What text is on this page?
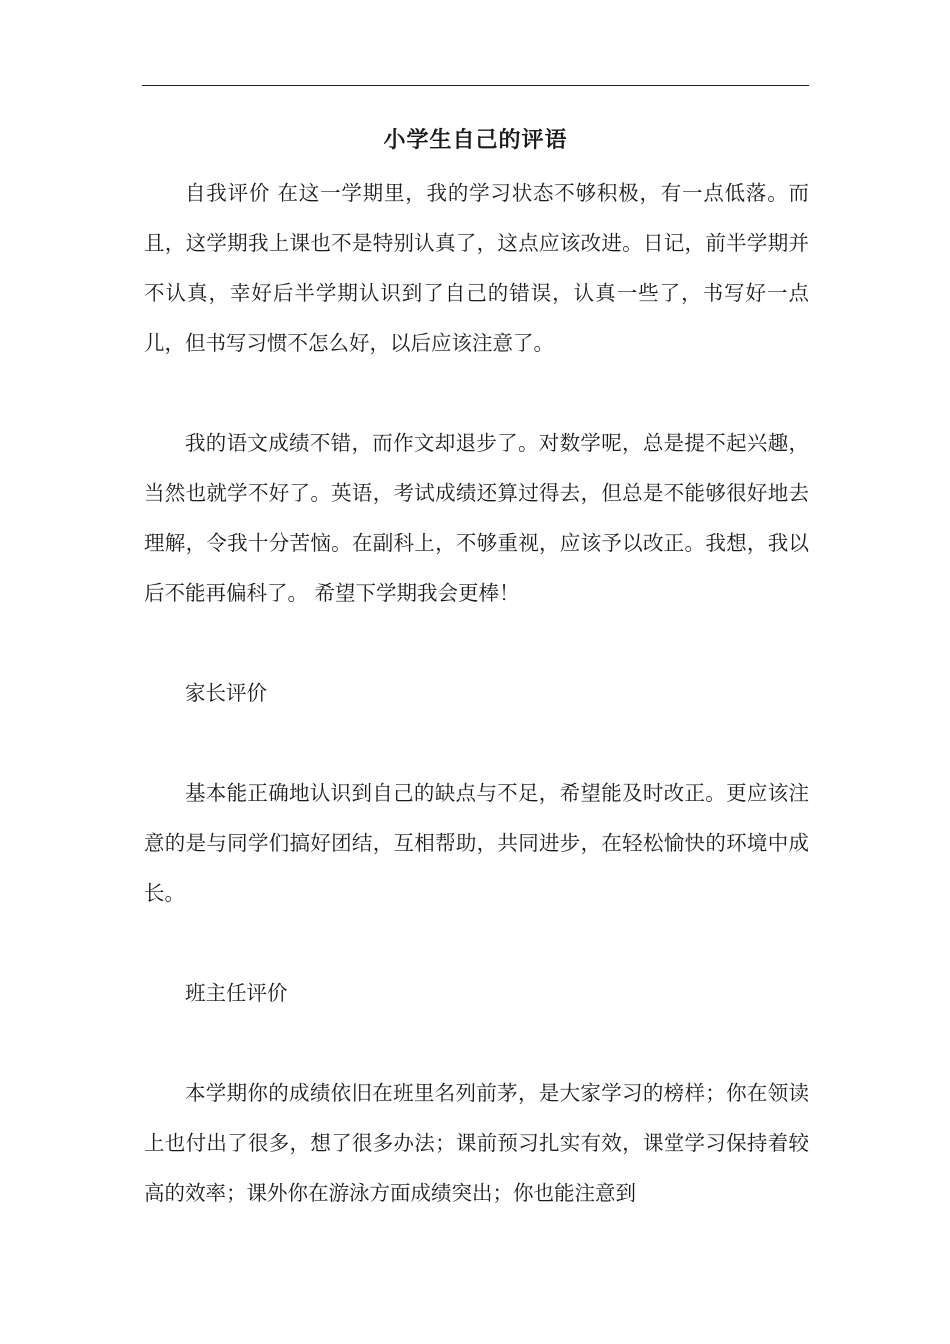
小学生自己的评语

自我评价 在这一学期里，我的学习状态不够积极，有一点低落。而且，这学期我上课也不是特别认真了，这点应该改进。日记，前半学期并不认真，幸好后半学期认识到了自己的错误，认真一些了，书写好一点儿，但书写习惯不怎么好，以后应该注意了。

我的语文成绩不错，而作文却退步了。对数学呢，总是提不起兴趣，当然也就学不好了。英语，考试成绩还算过得去，但总是不能够很好地去理解，令我十分苦恼。在副科上，不够重视，应该予以改正。我想，我以后不能再偏科了。 希望下学期我会更棒！

家长评价

基本能正确地认识到自己的缺点与不足，希望能及时改正。更应该注意的是与同学们搞好团结，互相帮助，共同进步，在轻松愉快的环境中成长。

班主任评价

本学期你的成绩依旧在班里名列前茅，是大家学习的榜样；你在领读上也付出了很多，想了很多办法；课前预习扎实有效，课堂学习保持着较高的效率；课外你在游泳方面成绩突出；你也能注意到
